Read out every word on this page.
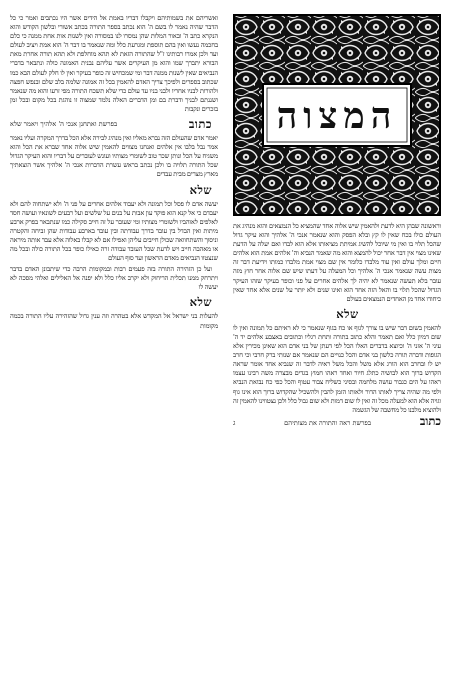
ואשריהם את בשמותיהם ויקבלו דבריו באמת אל הידים אשר היו נכתבים ואמר כי כל הדבר שהיה נאמר לו בשם ה' הוא נכתב בספר התורה בכתב אשורי ובלשון הקודש והוא הנקרא כתב ה' ובאור המלות שהן נמסרו לנו במסורה ואין לשנות אות אחת ממנה כי כלם בחכמה נעשו ואין בהם תוספת ומגרעת כלל ומה שנאמר בו דבר ה' הוא אמת ויציב לעולם ועד ולכן אמרו רבותינו ז"ל שהתורה הזאת לא תהא מוחלפת ולא תהא תורה אחרת מאת הבורא יתברך שמו והוא מן העיקרים אשר עליהם נבנית האמונה כולה ונתבאר בדברי הנביאים שאין לשנות ממנה דבר ומי שמכחיש זה כופר בעיקר ואין לו חלק לעולם הבא כמו שכתוב בספרים ולפיכך צריך האדם להאמין בכל זה אמונה שלמה בלב שלם ובנפש חפצה ולהורות לבניו אחריו ולבני בניו עד עולם כדי שלא תשכח התורה מפי זרעו והוא מה שנאמר ושננתם לבניך ודברת בם ומן הדברים האלה נלמד שמצוה זו נוהגת בכל מקום ובכל זמן בזכרים ונקבות

כתוב
בפרשת ואתחנן אנכי ה' אלהיך ויאמר שלא

יאמר אדם שהעולם הזה נברא מאליו ואין מנהיג לבירה אלא הכל בדרך המקרה ועליו נאמר אמר נבל בלבו אין אלהים ואנחנו מצווים להאמין שיש אלוה אחד שברא את הכל והוא משגיח על הכל ונותן שכר טוב לשומרי מצותיו ועונש לעוברים על דבריו והוא העיקר הגדול שכל התורה תלויה בו ולכן נכתב בראש עשרת הדברות אנכי ה' אלהיך אשר הוצאתיך מארץ מצרים מבית עבדים

שלא

יעשה אדם לו פסל וכל תמונה ולא יעבוד אלהים אחרים על פני ה' ולא ישתחוה להם ולא יעבדם כי אל קנא הוא פוקד עון אבות על בנים על שלשים ועל רבעים לשונאיו ועושה חסד לאלפים לאוהביו ולשומרי מצותיו ומי שעובר על זה חייב סקילה כמו שנתבאר בפרק ארבע מיתות ואין הבדל בין עובד בדרך עבודתה ובין עובד בארבע עבודות שהן זביחה והקטרה וניסוך והשתחוואה שכולן חייבים עליהן ואפילו אם לא קבלו באלוה אלא עבד אותה מיראה או מאהבה חייב ויש לדעת שכל העובד עבודה זרה כאילו כופר בכל התורה כולה ובכל מה שנצטוו הנביאים מאדם הראשון ועד סוף העולם

ועל כן הזהירה התורה בזה פעמים רבות ובמקומות הרבה כדי שיתבונן האדם בדבר ויתרחק ממנו תכלית הריחוק ולא יקרב אליו כלל ולא יפנה אל האלילים ואלהי מסכה לא יעשה לו

שלא

להעלות בני ישראל אל המקדש אלא בטהרה וזה ענין גדול שהזהירה עליו התורה בכמה מקומות

המצוה

וראשונה שבהן היא לדעת ולהאמין שיש אלוה אחד שהמציא כל הנמצאים והוא מנהיג את העולם כולו בכח שאין לו קץ ובלא הפסק והוא שנאמר אנכי ה' אלהיך והוא עיקר גדול שהכל תלוי בו ואין מי שיוכל להשיג אמיתת מציאותו אלא הוא לבדו ואם יעלה על הדעת שאינו מצוי אין דבר אחר יכול להמצא והוא מה שאמר הנביא וה' אלהים אמת הוא אלהים חיים ומלך עולם ואין עוד מלבדו כלומר אין שם מצוי אמת מלבדו כמותו וידיעת דבר זה מצות עשה שנאמר אנכי ה' אלהיך וכל המעלה על דעתו שיש שם אלוה אחר חוץ מזה עובר בלא תעשה שנאמר לא יהיה לך אלהים אחרים על פני וכופר בעיקר שזהו העיקר הגדול שהכל תלוי בו והאל הזה אחד הוא ואינו שנים ולא יותר על שנים אלא אחד שאין כיחודו אחד מן האחדים הנמצאים בעולם

שלא

להאמין בשום דבר שיש בו צורך לגוף או כח בגוף שנאמר כי לא ראיתם כל תמונה ואין לו שום דמיון כלל ואם תאמר והלא כתוב בתורה ותחת רגליו וכתובים באצבע אלהים יד ה' עיני ה' אזני ה' וכיוצא בדברים האלו הכל לפי דעתן של בני אדם הוא שאינן מכירין אלא הגופות ודברה תורה כלשון בני אדם והכל כנויים הם שנאמר אם שנותי ברק חרבי וכי חרב יש לו ובחרב הוא הורג אלא משל והכל משל ראיה לדבר זה שנביא אחד אומר שראה הקדוש ברוך הוא לבושיה כתלג חיור ואחד ראהו חמוץ בגדים מבצרה משה רבינו עצמו ראהו על הים כגבור עושה מלחמה ובסיני כשליח צבור עטוף והכל כפי כח נבואת הנביא ולפי מה שהיה צריך לאותו הדור ולאותו הזמן להבין ולהשכיל שהקדוש ברוך הוא אינו גוף וגויה אלא הוא למעלה מכל זה ואין לו שום דמות ולא שום גבול כלל ולכן נצטווינו להאמין זה ולהוציא מלבנו כל מחשבה של הגשמה

כתוב
בפרשת ראה והתורה את מצותיהם
ג
